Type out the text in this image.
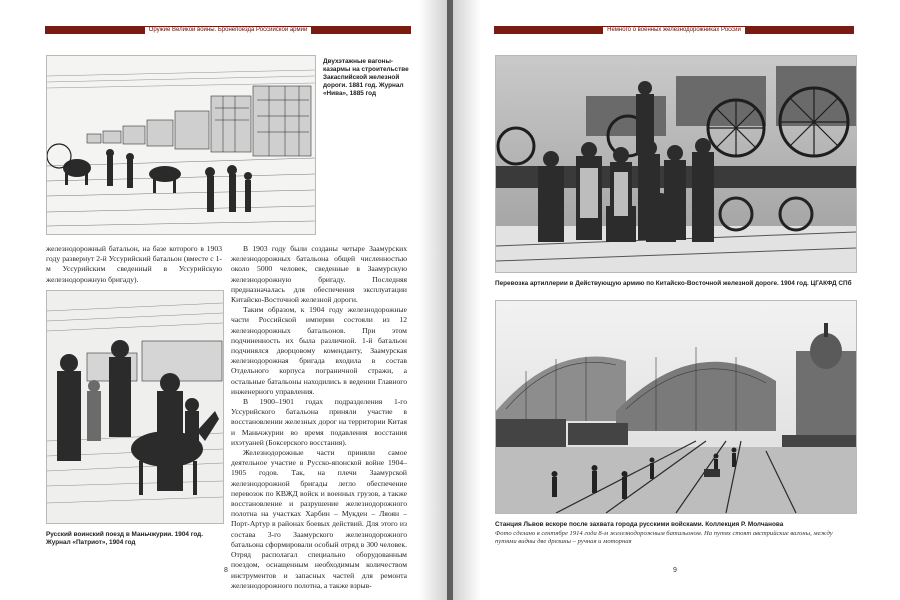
Оружие Великой войны. Бронепоезда Российской армии
Двухэтажные вагоны-казармы на строительстве Закаспийской железной дороги. 1881 год. Журнал «Нива», 1885 год

железнодорожный батальон, на базе которого в 1903 году развернут 2-й Уссурийский батальон (вместе с 1-м Уссурийским сведенный в Уссурийскую железнодорожную бригаду).

Русский воинский поезд в Маньчжурии. 1904 год. Журнал «Патриот», 1904 год

В 1903 году были созданы четыре Заамурских железнодорожных батальона общей численностью около 5000 человек, сведенные в Заамурскую железнодорожную бригаду. Последняя предназначалась для обеспечения эксплуатации Китайско-Восточной железной дороги.

Таким образом, к 1904 году железнодорожные части Российской империи состояли из 12 железнодорожных батальонов. При этом подчиненность их была различной. 1-й батальон подчинялся дворцовому коменданту, Заамурская железнодорожная бригада входила в состав Отдельного корпуса пограничной стражи, а остальные батальоны находились в ведении Главного инженерного управления.

В 1900–1901 годах подразделения 1-го Уссурийского батальона приняли участие в восстановлении железных дорог на территории Китая и Маньчжурии во время подавления восстания ихэтуаней (Боксерского восстания).

Железнодорожные части приняли самое деятельное участие в Русско-японской войне 1904–1905 годов. Так, на плечи Заамурской железнодорожной бригады легло обеспечение перевозок по КВЖД войск и военных грузов, а также восстановление и разрушение железнодорожного полотна на участках Харбин – Мукден – Ляоян – Порт-Артур в районах боевых действий. Для этого из состава 3-го Заамурского железнодорожного батальона сформировали особый отряд в 300 человек. Отряд располагал специально оборудованным поездом, оснащенным необходимым количеством инструментов и запасных частей для ремонта железнодорожного полотна, а также взрыв-

8
Немного о военных железнодорожниках России
Перевозка артиллерии в Действующую армию по Китайско-Восточной железной дороге. 1904 год. ЦГАКФД СПб
Станция Львов вскоре после захвата города русскими войсками. Коллекция Р. Молчанова
Фото сделано в сентябре 1914 года 8-м железнодорожным батальоном. На путях стоят австрийские вагоны, между путями видны две дрезины – ручная и моторная
9
